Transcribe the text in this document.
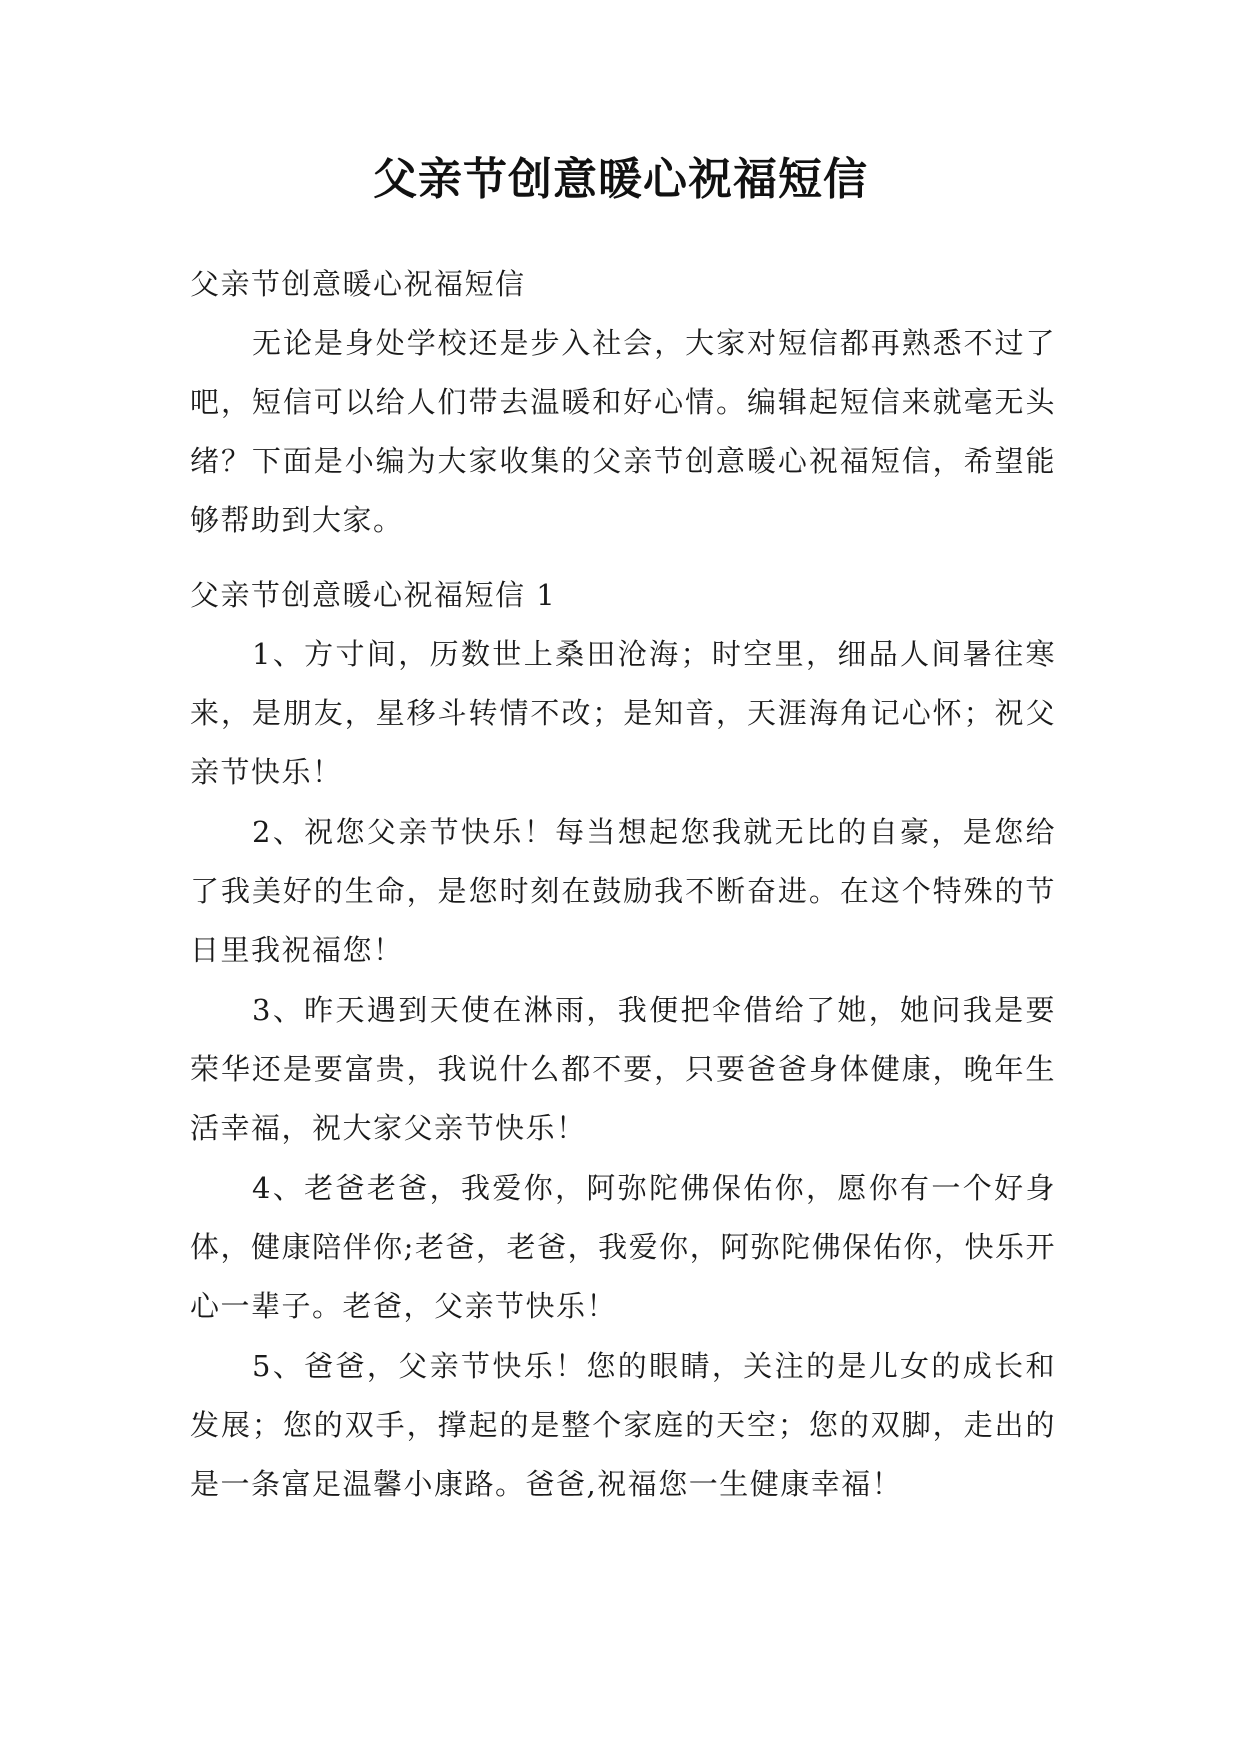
父亲节创意暖心祝福短信
父亲节创意暖心祝福短信
无论是身处学校还是步入社会，大家对短信都再熟悉不过了吧，短信可以给人们带去温暖和好心情。编辑起短信来就毫无头绪？下面是小编为大家收集的父亲节创意暖心祝福短信，希望能够帮助到大家。
父亲节创意暖心祝福短信 1
1、方寸间，历数世上桑田沧海；时空里，细品人间暑往寒来，是朋友，星移斗转情不改；是知音，天涯海角记心怀；祝父亲节快乐！
2、祝您父亲节快乐！每当想起您我就无比的自豪，是您给了我美好的生命，是您时刻在鼓励我不断奋进。在这个特殊的节日里我祝福您！
3、昨天遇到天使在淋雨，我便把伞借给了她，她问我是要荣华还是要富贵，我说什么都不要，只要爸爸身体健康，晚年生活幸福，祝大家父亲节快乐！
4、老爸老爸，我爱你，阿弥陀佛保佑你，愿你有一个好身体，健康陪伴你;老爸，老爸，我爱你，阿弥陀佛保佑你，快乐开心一辈子。老爸，父亲节快乐！
5、爸爸，父亲节快乐！您的眼睛，关注的是儿女的成长和发展；您的双手，撑起的是整个家庭的天空；您的双脚，走出的是一条富足温馨小康路。爸爸,祝福您一生健康幸福！
